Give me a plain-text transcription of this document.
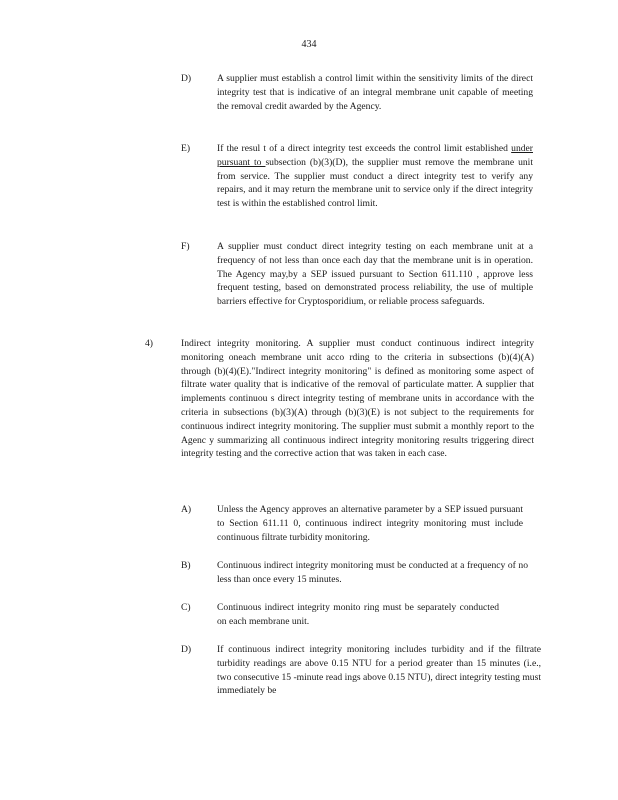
434
D)	A supplier must establish a control limit within the sensitivity limits of the direct integrity test that is indicative of an integral membrane unit capable of meeting the removal credit awarded by the Agency.
E)	If the resul t of a direct integrity test exceeds the control limit established under pursuant to subsection (b)(3)(D), the supplier must remove the membrane unit from service. The supplier must conduct a direct integrity test to verify any repairs, and it may return the membrane unit to service only if the direct integrity test is within the established control limit.
F)	A supplier must conduct direct integrity testing on each membrane unit at a frequency of not less than once each day that the membrane unit is in operation. The Agency may,by a SEP issued pursuant to Section 611.110 , approve less frequent testing, based on demonstrated process reliability, the use of multiple barriers effective for Cryptosporidium, or reliable process safeguards.
4)	Indirect integrity monitoring. A supplier must conduct continuous indirect integrity monitoring oneach membrane unit acco rding to the criteria in subsections (b)(4)(A) through (b)(4)(E)."Indirect integrity monitoring" is defined as monitoring some aspect of filtrate water quality that is indicative of the removal of particulate matter. A supplier that implements continuou s direct integrity testing of membrane units in accordance with the criteria in subsections (b)(3)(A) through (b)(3)(E) is not subject to the requirements for continuous indirect integrity monitoring. The supplier must submit a monthly report to the Agenc y summarizing all continuous indirect integrity monitoring results triggering direct integrity testing and the corrective action that was taken in each case.
A)	Unless the Agency approves an alternative parameter by a SEP issued pursuant to Section 611.11 0, continuous indirect integrity monitoring must include continuous filtrate turbidity monitoring.
B)	Continuous indirect integrity monitoring must be conducted at a frequency of no less than once every 15 minutes.
C)	Continuous indirect integrity monito ring must be separately conducted on each membrane unit.
D)	If continuous indirect integrity monitoring includes turbidity and if the filtrate turbidity readings are above 0.15 NTU for a period greater than 15 minutes (i.e., two consecutive 15 -minute read ings above 0.15 NTU), direct integrity testing must immediately be
